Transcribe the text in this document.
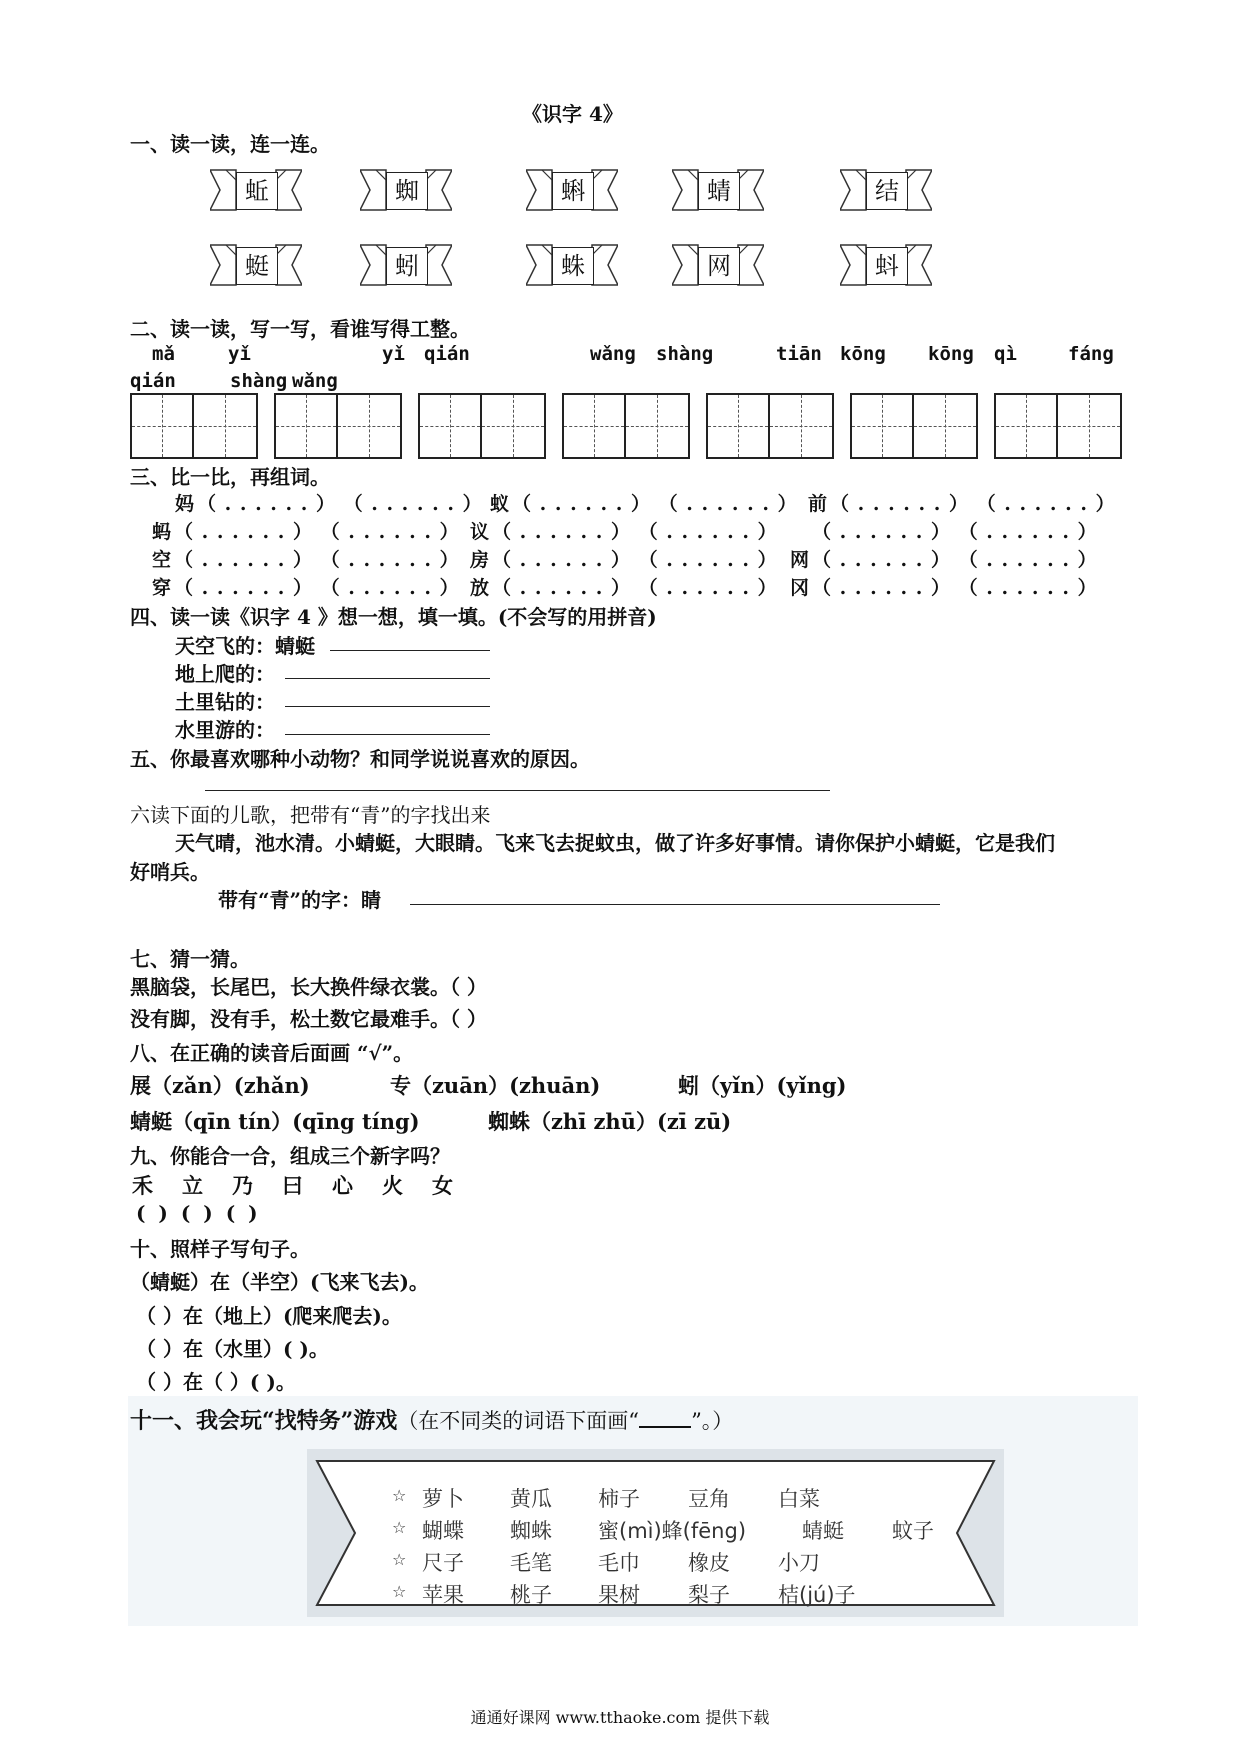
《识字 4》
一、读一读，连一连。
蚯	蜘	蝌	蜻	结
蜓	蚓	蛛	网	蚪
二、读一读，写一写，看谁写得工整。
mǎ	yǐ	yǐ qián	wǎng shàng	tiān kōng kōng qì	fáng
qián	shàng wǎng
三、比一比，再组词。
妈 （ . . . . . . ） （ . . . . . . ） 蚁 （ . . . . . . ） （ . . . . . . ） 前 （ . . . . . . ） （ . . . . . . ）
蚂 （ . . . . . . ） （ . . . . . . ） 议 （ . . . . . . ） （ . . . . . . ）	（ . . . . . . ） （ . . . . . . ）
空 （ . . . . . . ） （ . . . . . . ） 房 （ . . . . . . ） （ . . . . . . ） 网 （ . . . . . . ） （ . . . . . . ）
穿 （ . . . . . . ） （ . . . . . . ） 放 （ . . . . . . ） （ . . . . . . ） 冈 （ . . . . . . ） （ . . . . . . ）
四、读一读《识字 4 》想一想，填一填。(不会写的用拼音)
天空飞的：蜻蜓
地上爬的：
土里钻的：
水里游的：
五、你最喜欢哪种小动物？和同学说说喜欢的原因。
六读下面的儿歌，把带有“青”的字找出来
天气晴，池水清。小蜻蜓，大眼睛。飞来飞去捉蚊虫，做了许多好事情。请你保护小蜻蜓，它是我们
好哨兵。
带有“青”的字：睛
七、猜一猜。
黑脑袋，长尾巴，长大换件绿衣裳。（ ）
没有脚，没有手，松土数它最难手。（ ）
八、在正确的读音后面画 “√”。
展（zǎn）(zhǎn)	专（zuān）(zhuān)	蚓（yǐn）(yǐng)
蜻蜓（qīn tín）(qīng tíng)	蜘蛛（zhī zhū）(zī zū)
九、你能合一合，组成三个新字吗？
禾 立 乃 曰 心 火 女
( ) ( ) ( )
十、照样子写句子。
（蜻蜓）在（半空）(飞来飞去)。
（ ）在（地上）(爬来爬去)。
（ ）在（水里）( )。
（ ）在（ ）( )。
十一、我会玩“找特务”游戏（在不同类的词语下面画“ ”。）
☆ 萝卜 黄瓜 柿子 豆角 白菜
☆ 蝴蝶 蜘蛛 蜜(mì)蜂(fēng)	蜻蜓 蚊子
☆ 尺子 毛笔 毛巾 橡皮 小刀
☆ 苹果 桃子 果树 梨子 桔(jú)子
通通好课网 www.tthaoke.com 提供下载
